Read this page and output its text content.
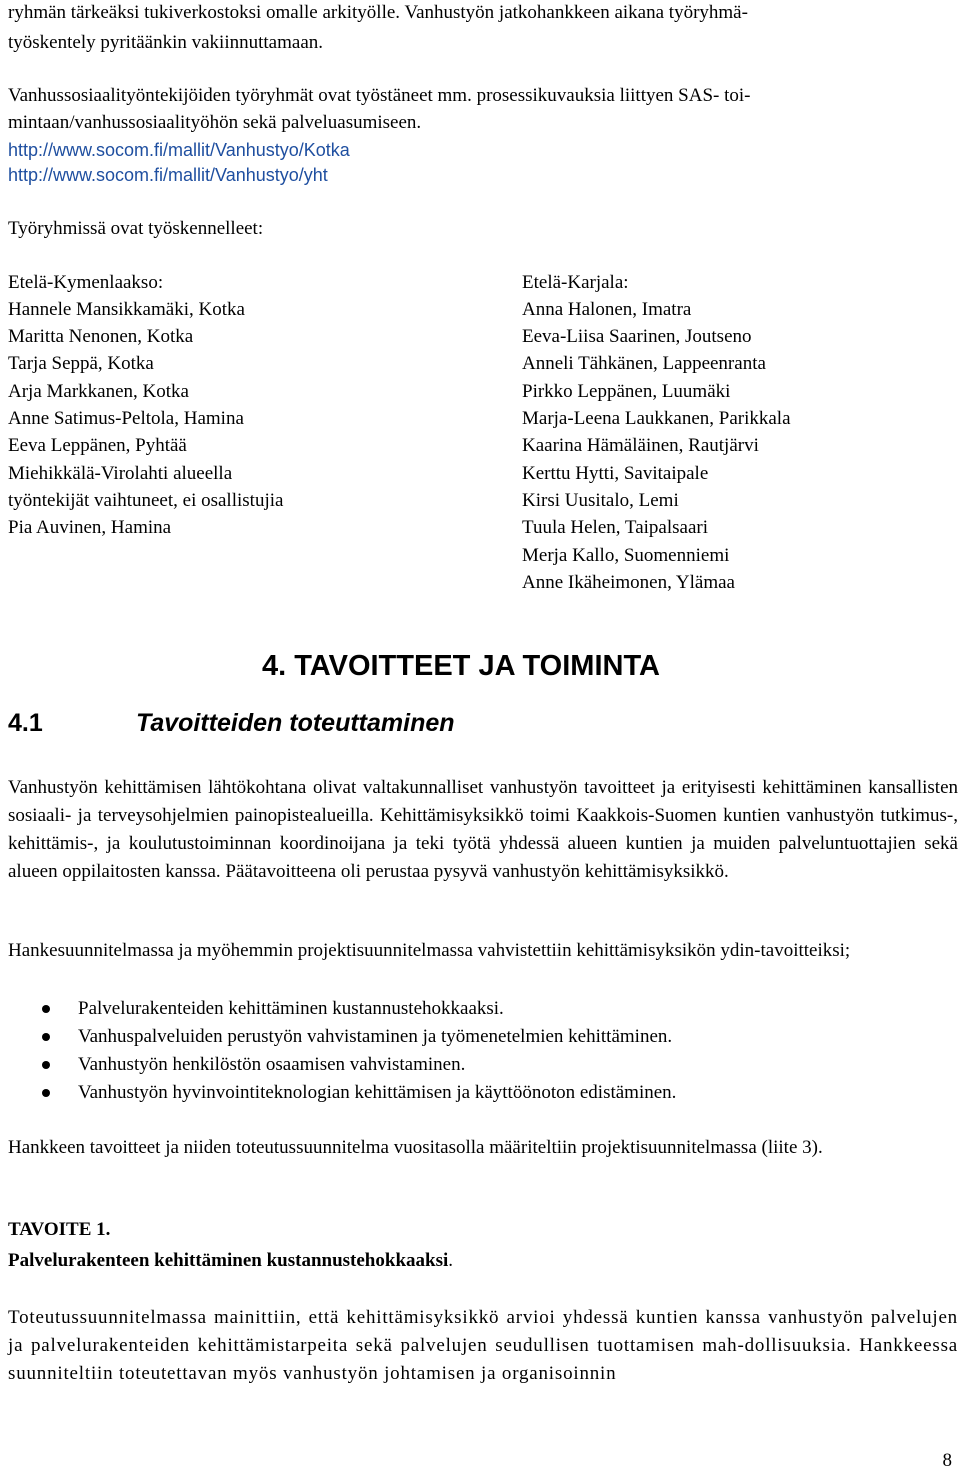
ryhmän tärkeäksi tukiverkostoksi omalle arkityölle. Vanhustyön jatkohankkeen aikana työryhmä-
työskentely pyritäänkin vakiinnuttamaan.
Vanhussosiaalityöntekijöiden työryhmät ovat työstäneet mm. prosessikuvauksia liittyen SAS- toi-
mintaan/vanhussosiaalityöhön sekä palveluasumiseen.
http://www.socom.fi/mallit/Vanhustyo/Kotka
http://www.socom.fi/mallit/Vanhustyo/yht
Työryhmissä ovat työskennelleet:
Etelä-Kymenlaakso:
Hannele Mansikkamäki, Kotka
Maritta Nenonen, Kotka
Tarja Seppä, Kotka
Arja Markkanen, Kotka
Anne Satimus-Peltola, Hamina
Eeva Leppänen, Pyhtää
Miehikkälä-Virolahti alueella
työntekijät vaihtuneet, ei osallistujia
Pia Auvinen, Hamina
Etelä-Karjala:
Anna Halonen, Imatra
Eeva-Liisa Saarinen, Joutseno
Anneli Tähkänen, Lappeenranta
Pirkko Leppänen, Luumäki
Marja-Leena Laukkanen, Parikkala
Kaarina Hämäläinen, Rautjärvi
Kerttu Hytti, Savitaipale
Kirsi Uusitalo, Lemi
Tuula Helen, Taipalsaari
Merja Kallo, Suomenniemi
Anne Ikäheimonen, Ylämaa
4. TAVOITTEET JA TOIMINTA
4.1	Tavoitteiden toteuttaminen
Vanhustyön kehittämisen lähtökohtana olivat valtakunnalliset vanhustyön tavoitteet ja erityisesti kehittäminen kansallisten sosiaali- ja terveysohjelmien painopistealueilla. Kehittämisyksikkö toimi Kaakkois-Suomen kuntien vanhustyön tutkimus-, kehittämis-, ja koulutustoiminnan koordinoijana ja teki työtä yhdessä alueen kuntien ja muiden palveluntuottajien sekä alueen oppilaitosten kanssa. Päätavoitteena oli perustaa pysyvä vanhustyön kehittämisyksikkö.
Hankesuunnitelmassa ja myöhemmin projektisuunnitelmassa vahvistettiin kehittämisyksikön ydin-tavoitteiksi;
Palvelurakenteiden kehittäminen kustannustehokkaaksi.
Vanhuspalveluiden perustyön vahvistaminen ja työmenetelmien kehittäminen.
Vanhustyön henkilöstön osaamisen vahvistaminen.
Vanhustyön hyvinvointiteknologian kehittämisen ja käyttöönoton edistäminen.
Hankkeen tavoitteet ja niiden toteutussuunnitelma vuositasolla määriteltiin projektisuunnitelmassa (liite 3).
TAVOITE 1.
Palvelurakenteen kehittäminen kustannustehokkaaksi.
Toteutussuunnitelmassa mainittiin, että kehittämisyksikkö arvioi yhdessä kuntien kanssa vanhustyön palvelujen ja palvelurakenteiden kehittämistarpeita sekä palvelujen seudullisen tuottamisen mah-dollisuuksia. Hankkeessa suunniteltiin toteutettavan myös vanhustyön johtamisen ja organisoinnin
8
